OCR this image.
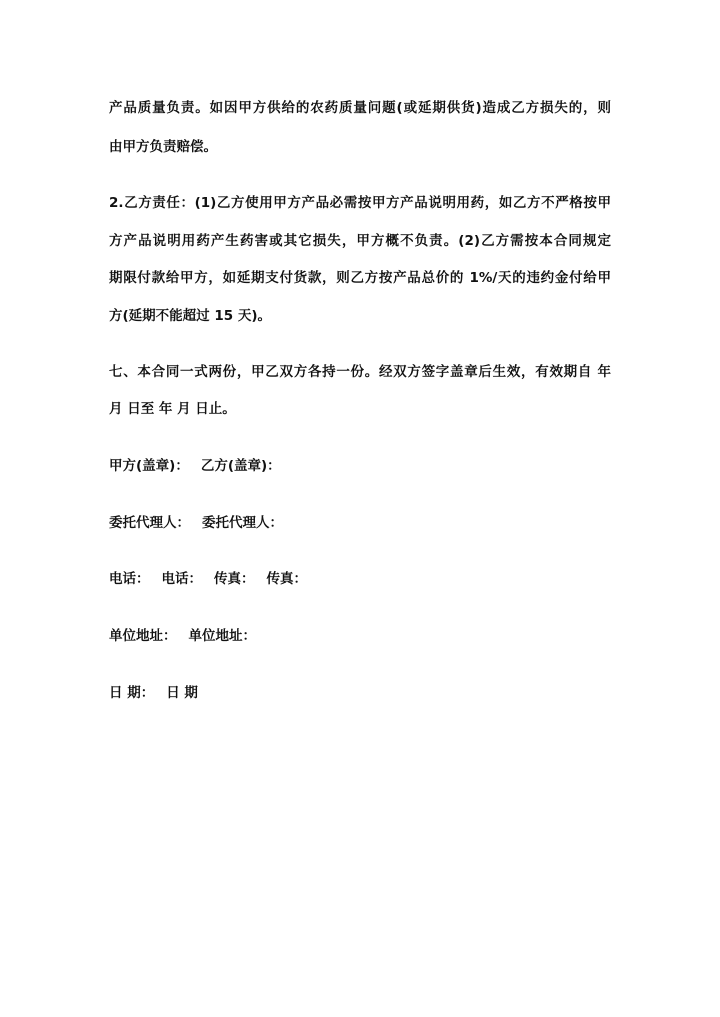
产品质量负责。如因甲方供给的农药质量问题(或延期供货)造成乙方损失的，则
由甲方负责赔偿。
2.乙方责任：(1)乙方使用甲方产品必需按甲方产品说明用药，如乙方不严格按甲
方产品说明用药产生药害或其它损失，甲方概不负责。(2)乙方需按本合同规定
期限付款给甲方，如延期支付货款，则乙方按产品总价的 1%/天的违约金付给甲
方(延期不能超过 15 天)。
七、本合同一式两份，甲乙双方各持一份。经双方签字盖章后生效，有效期自 年
月 日至 年 月 日止。
甲方(盖章)： 乙方(盖章)：
委托代理人： 委托代理人：
电话： 电话： 传真： 传真：
单位地址： 单位地址：
日 期： 日 期
